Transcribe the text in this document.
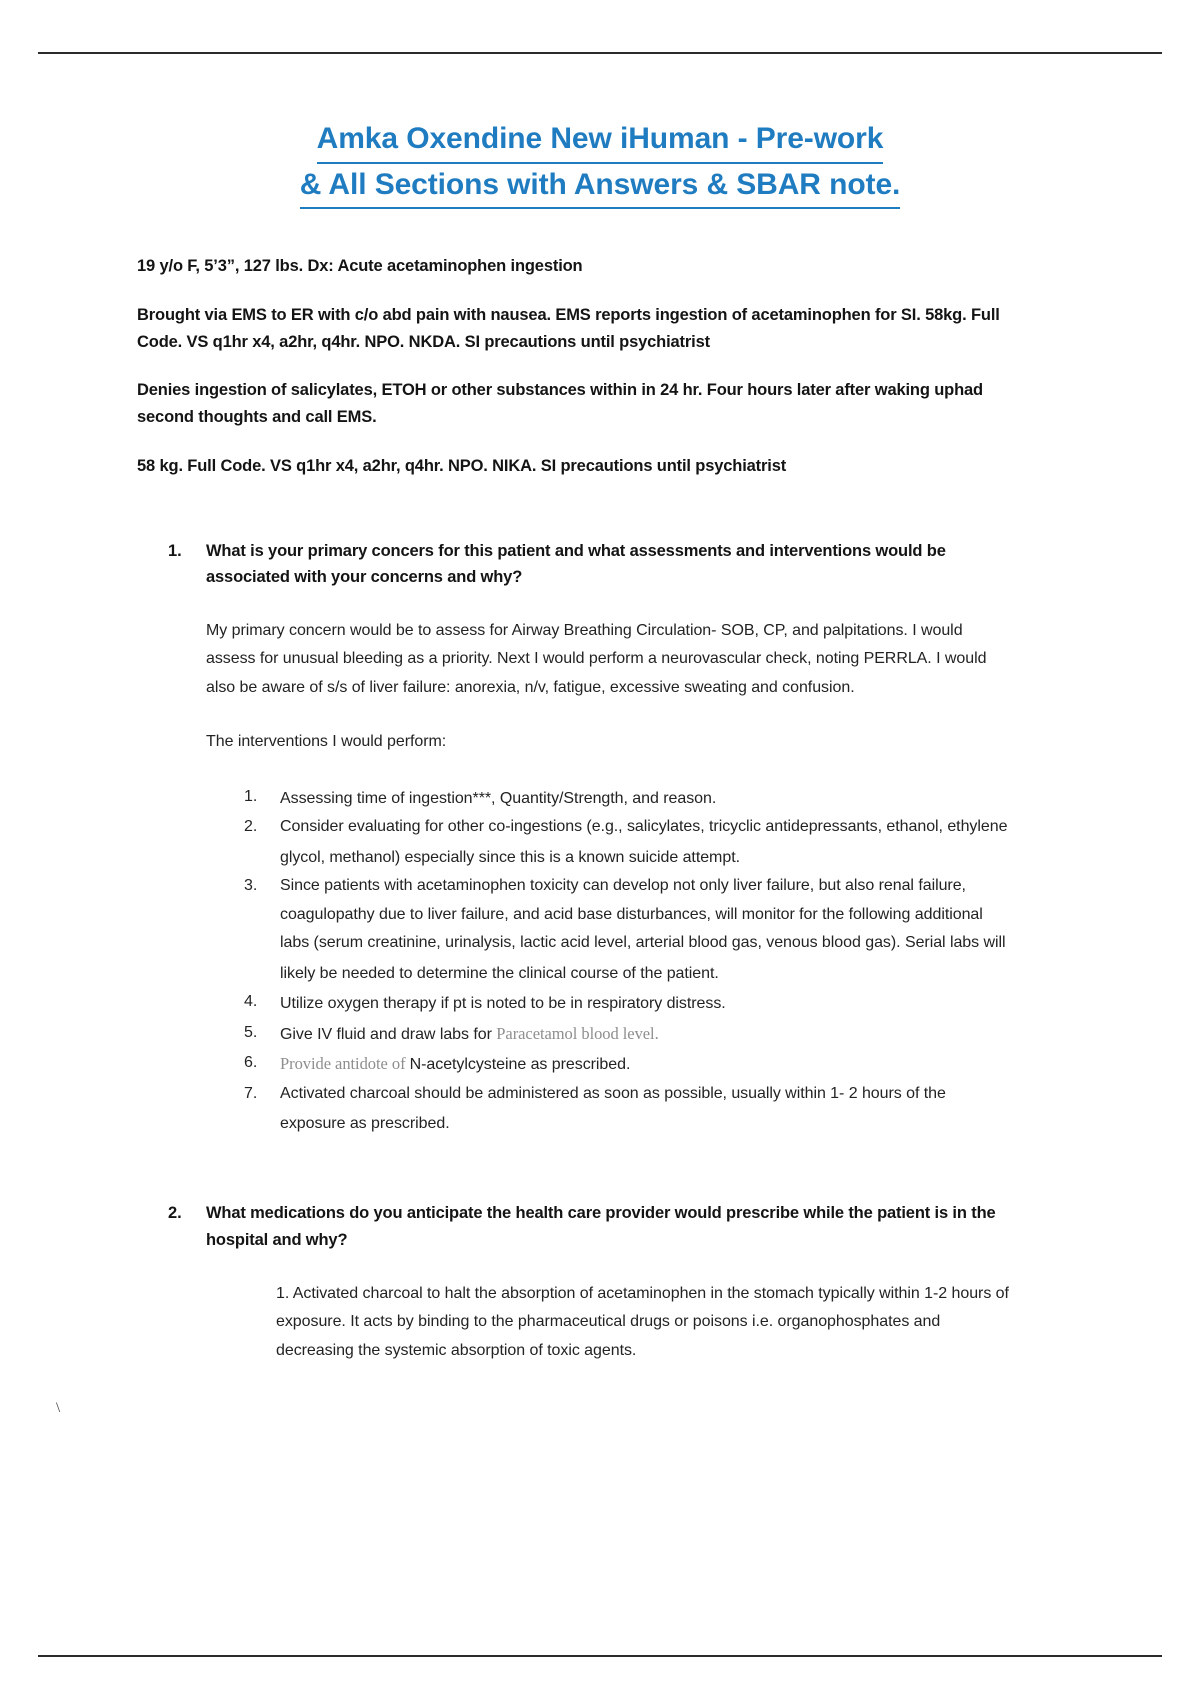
Amka Oxendine New iHuman - Pre-work
& All Sections with Answers & SBAR note.

19 y/o F, 5’3”, 127 lbs. Dx: Acute acetaminophen ingestion

Brought via EMS to ER with c/o abd pain with nausea. EMS reports ingestion of acetaminophen for SI. 58kg. Full Code. VS q1hr x4, a2hr, q4hr. NPO. NKDA. SI precautions until psychiatrist

Denies ingestion of salicylates, ETOH or other substances within in 24 hr. Four hours later after waking uphad second thoughts and call EMS.

58 kg. Full Code. VS q1hr x4, a2hr, q4hr. NPO. NIKA. SI precautions until psychiatrist

1.	What is your primary concers for this patient and what assessments and interventions would be associated with your concerns and why?

My primary concern would be to assess for Airway Breathing Circulation- SOB, CP, and palpitations. I would assess for unusual bleeding as a priority. Next I would perform a neurovascular check, noting PERRLA. I would also be aware of s/s of liver failure: anorexia, n/v, fatigue, excessive sweating and confusion.

The interventions I would perform:

1.	Assessing time of ingestion***, Quantity/Strength, and reason.
2.	Consider evaluating for other co-ingestions (e.g., salicylates, tricyclic antidepressants, ethanol, ethylene glycol, methanol) especially since this is a known suicide attempt.
3.	Since patients with acetaminophen toxicity can develop not only liver failure, but also renal failure, coagulopathy due to liver failure, and acid base disturbances, will monitor for the following additional labs (serum creatinine, urinalysis, lactic acid level, arterial blood gas, venous blood gas). Serial labs will likely be needed to determine the clinical course of the patient.
4.	Utilize oxygen therapy if pt is noted to be in respiratory distress.
5.	Give IV fluid and draw labs for Paracetamol blood level.
6.	Provide antidote of N-acetylcysteine as prescribed.
7.	Activated charcoal should be administered as soon as possible, usually within 1- 2 hours of the exposure as prescribed.
2.	What medications do you anticipate the health care provider would prescribe while the patient is in the hospital and why?

1. Activated charcoal to halt the absorption of acetaminophen in the stomach typically within 1-2 hours of exposure. It acts by binding to the pharmaceutical drugs or poisons i.e. organophosphates and decreasing the systemic absorption of toxic agents.

\
